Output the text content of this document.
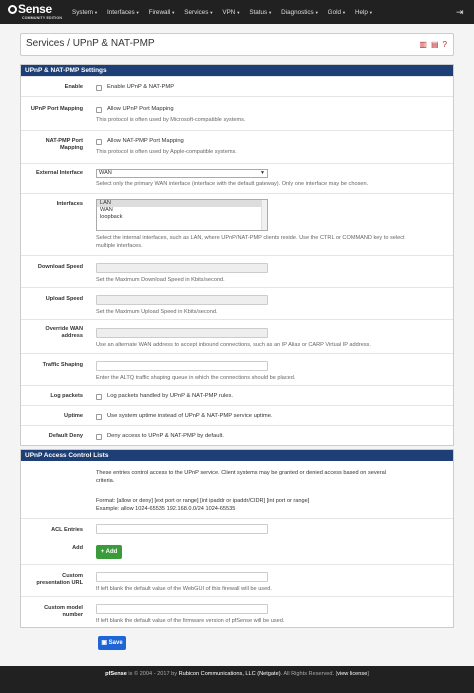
Sense
COMMUNITY EDITION
System▼ Interfaces▼ Firewall▼ Services▼ VPN▼ Status▼ Diagnostics▼ Gold▼ Help▼	⇥
Services / UPnP & NAT-PMP	▥ ▤ ?
UPnP & NAT-PMP Settings
Enable	Enable UPnP & NAT-PMP
UPnP Port Mapping	Allow UPnP Port Mapping
This protocol is often used by Microsoft-compatible systems.
NAT-PMP Port
Mapping
Allow NAT-PMP Port Mapping
This protocol is often used by Apple-compatible systems.
External Interface	WAN	▼
Select only the primary WAN interface (interface with the default gateway). Only one interface may be chosen.
Interfaces	LAN
WAN
loopback
Select the internal interfaces, such as LAN, where UPnP/NAT-PMP clients reside. Use the CTRL or COMMAND key to select
multiple interfaces.
Download Speed
Set the Maximum Download Speed in Kbits/second.
Upload Speed
Set the Maximum Upload Speed in Kbits/second.
Override WAN
address
Use an alternate WAN address to accept inbound connections, such as an IP Alias or CARP Virtual IP address.
Traffic Shaping
Enter the ALTQ traffic shaping queue in which the connections should be placed.
Log packets	Log packets handled by UPnP & NAT-PMP rules.
Uptime	Use system uptime instead of UPnP & NAT-PMP service uptime.
Default Deny	Deny access to UPnP & NAT-PMP by default.
UPnP Access Control Lists
These entries control access to the UPnP service. Client systems may be granted or denied access based on several
criteria.
Format: [allow or deny] [ext port or range] [int ipaddr or ipaddr/CIDR] [int port or range]
Example: allow 1024-65535 192.168.0.0/24 1024-65535
ACL Entries
Add
+ Add
Custom
presentation URL
If left blank the default value of the WebGUI of this firewall will be used.
Custom model
number
If left blank the default value of the firmware version of pfSense will be used.
▣ Save
pfSense is © 2004 - 2017 by Rubicon Communications, LLC (Netgate). All Rights Reserved. [view license]
